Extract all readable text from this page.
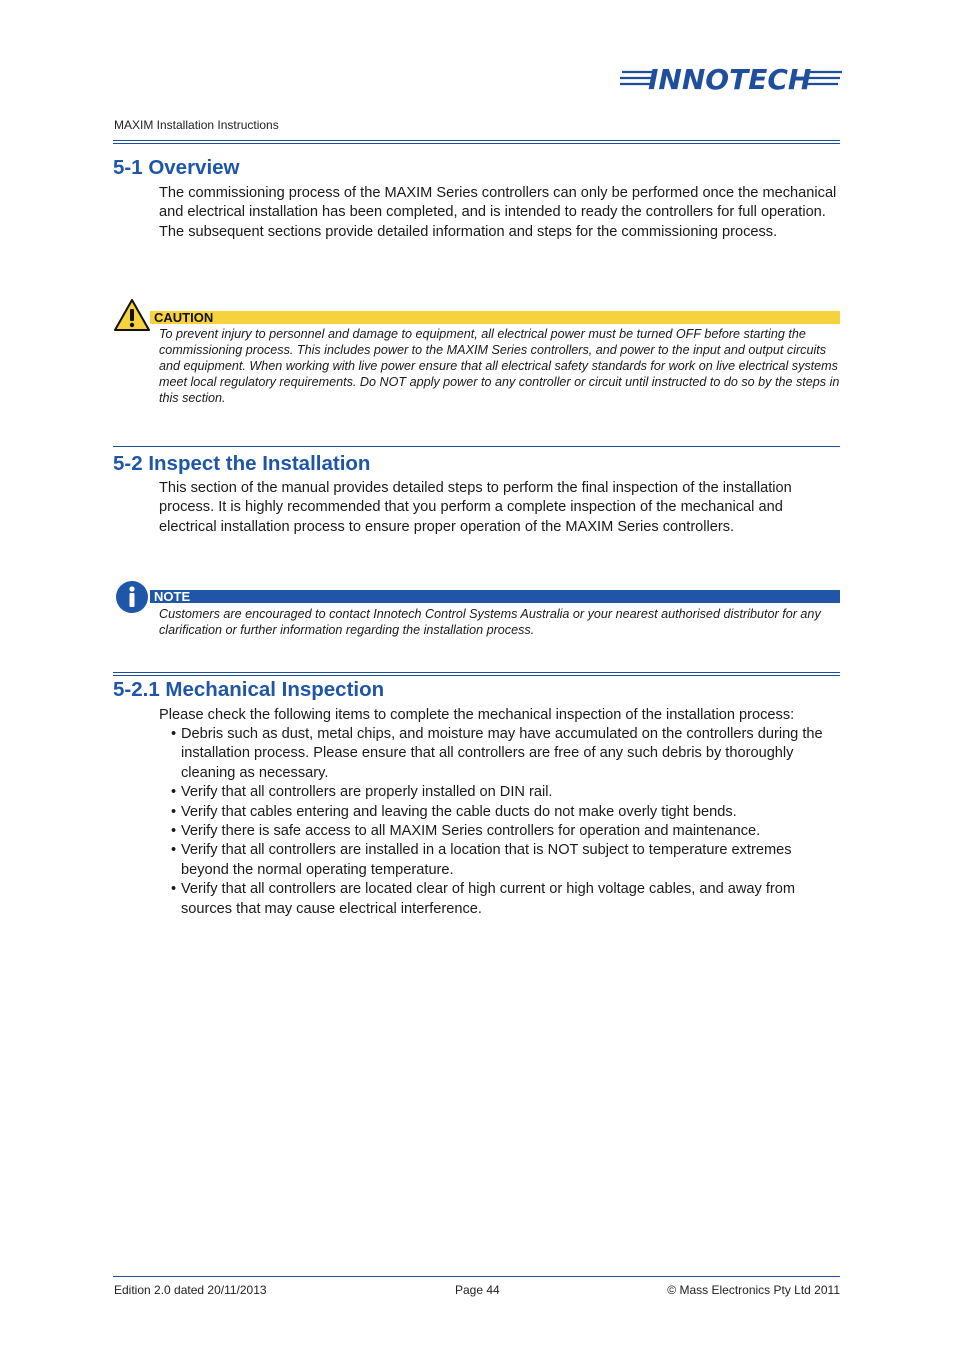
INNOTECH
MAXIM Installation Instructions
5-1 Overview

The commissioning process of the MAXIM Series controllers can only be performed once the mechanical and electrical installation has been completed, and is intended to ready the controllers for full operation. The subsequent sections provide detailed information and steps for the commissioning process.

CAUTION

To prevent injury to personnel and damage to equipment, all electrical power must be turned OFF before starting the commissioning process. This includes power to the MAXIM Series controllers, and power to the input and output circuits and equipment. When working with live power ensure that all electrical safety standards for work on live electrical systems meet local regulatory requirements. Do NOT apply power to any controller or circuit until instructed to do so by the steps in this section.

5-2 Inspect the Installation

This section of the manual provides detailed steps to perform the final inspection of the installation process. It is highly recommended that you perform a complete inspection of the mechanical and electrical installation process to ensure proper operation of the MAXIM Series controllers.

NOTE

Customers are encouraged to contact Innotech Control Systems Australia or your nearest authorised distributor for any clarification or further information regarding the installation process.

5-2.1 Mechanical Inspection

Please check the following items to complete the mechanical inspection of the installation process:

• Debris such as dust, metal chips, and moisture may have accumulated on the controllers during the installation process. Please ensure that all controllers are free of any such debris by thoroughly cleaning as necessary.
• Verify that all controllers are properly installed on DIN rail.
• Verify that cables entering and leaving the cable ducts do not make overly tight bends.
• Verify there is safe access to all MAXIM Series controllers for operation and maintenance.
• Verify that all controllers are installed in a location that is NOT subject to temperature extremes beyond the normal operating temperature.
• Verify that all controllers are located clear of high current or high voltage cables, and away from sources that may cause electrical interference.
Edition 2.0 dated 20/11/2013	Page 44	© Mass Electronics Pty Ltd 2011
